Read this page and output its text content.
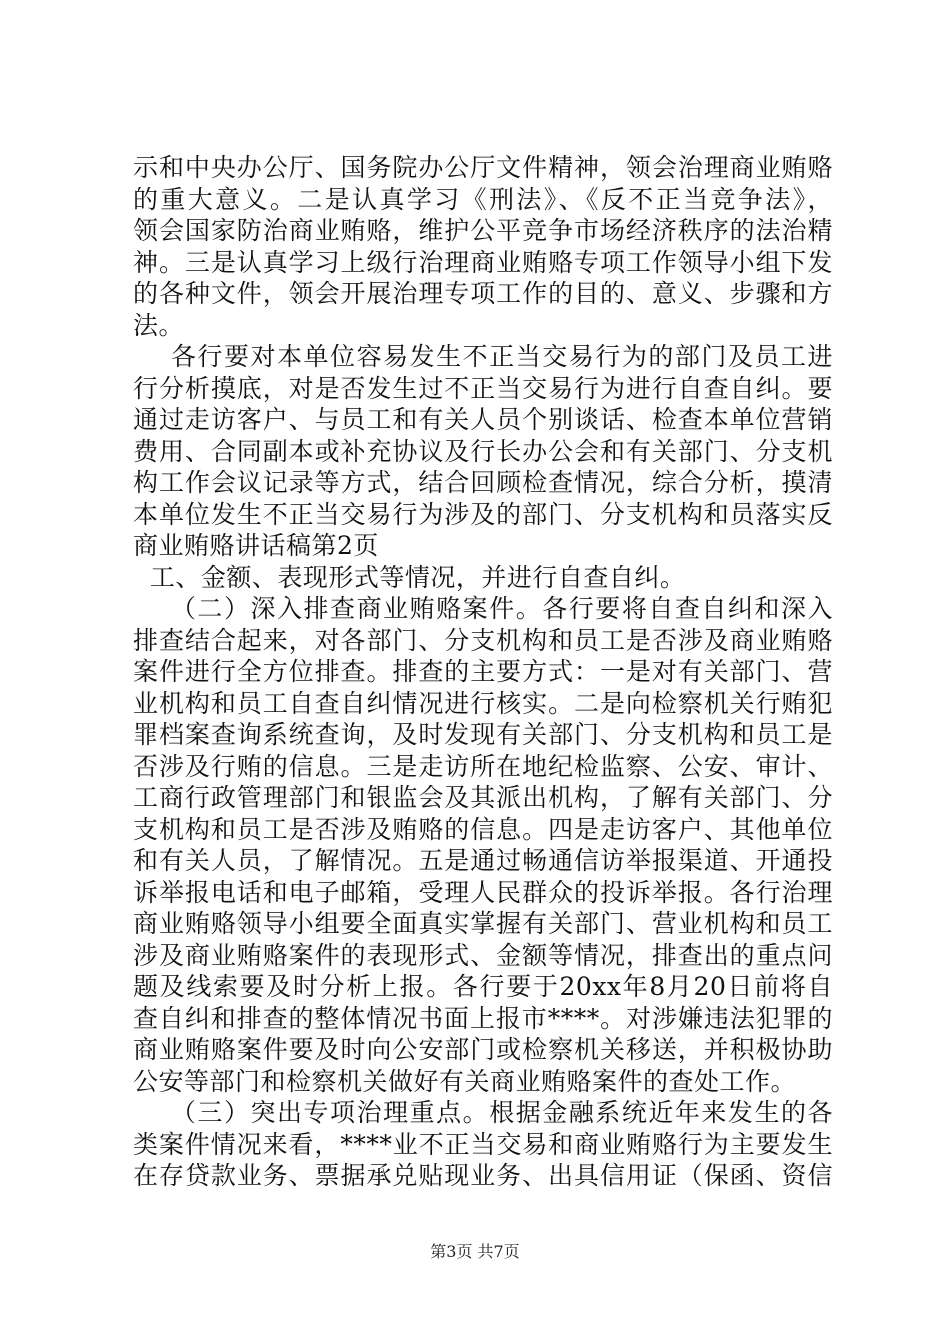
示和中央办公厅、国务院办公厅文件精神，领会治理商业贿赂
的重大意义。二是认真学习《刑法》、《反不正当竞争法》，
领会国家防治商业贿赂，维护公平竞争市场经济秩序的法治精
神。三是认真学习上级行治理商业贿赂专项工作领导小组下发
的各种文件，领会开展治理专项工作的目的、意义、步骤和方
法。
各行要对本单位容易发生不正当交易行为的部门及员工进
行分析摸底，对是否发生过不正当交易行为进行自查自纠。要
通过走访客户、与员工和有关人员个别谈话、检查本单位营销
费用、合同副本或补充协议及行长办公会和有关部门、分支机
构工作会议记录等方式，结合回顾检查情况，综合分析，摸清
本单位发生不正当交易行为涉及的部门、分支机构和员落实反
商业贿赂讲话稿第2页
工、金额、表现形式等情况，并进行自查自纠。
（二）深入排查商业贿赂案件。各行要将自查自纠和深入
排查结合起来，对各部门、分支机构和员工是否涉及商业贿赂
案件进行全方位排查。排查的主要方式：一是对有关部门、营
业机构和员工自查自纠情况进行核实。二是向检察机关行贿犯
罪档案查询系统查询，及时发现有关部门、分支机构和员工是
否涉及行贿的信息。三是走访所在地纪检监察、公安、审计、
工商行政管理部门和银监会及其派出机构，了解有关部门、分
支机构和员工是否涉及贿赂的信息。四是走访客户、其他单位
和有关人员，了解情况。五是通过畅通信访举报渠道、开通投
诉举报电话和电子邮箱，受理人民群众的投诉举报。各行治理
商业贿赂领导小组要全面真实掌握有关部门、营业机构和员工
涉及商业贿赂案件的表现形式、金额等情况，排查出的重点问
题及线索要及时分析上报。各行要于20xx年8月20日前将自
查自纠和排查的整体情况书面上报市****。对涉嫌违法犯罪的
商业贿赂案件要及时向公安部门或检察机关移送，并积极协助
公安等部门和检察机关做好有关商业贿赂案件的查处工作。
（三）突出专项治理重点。根据金融系统近年来发生的各
类案件情况来看，****业不正当交易和商业贿赂行为主要发生
在存贷款业务、票据承兑贴现业务、出具信用证（保函、资信
第3页 共7页
